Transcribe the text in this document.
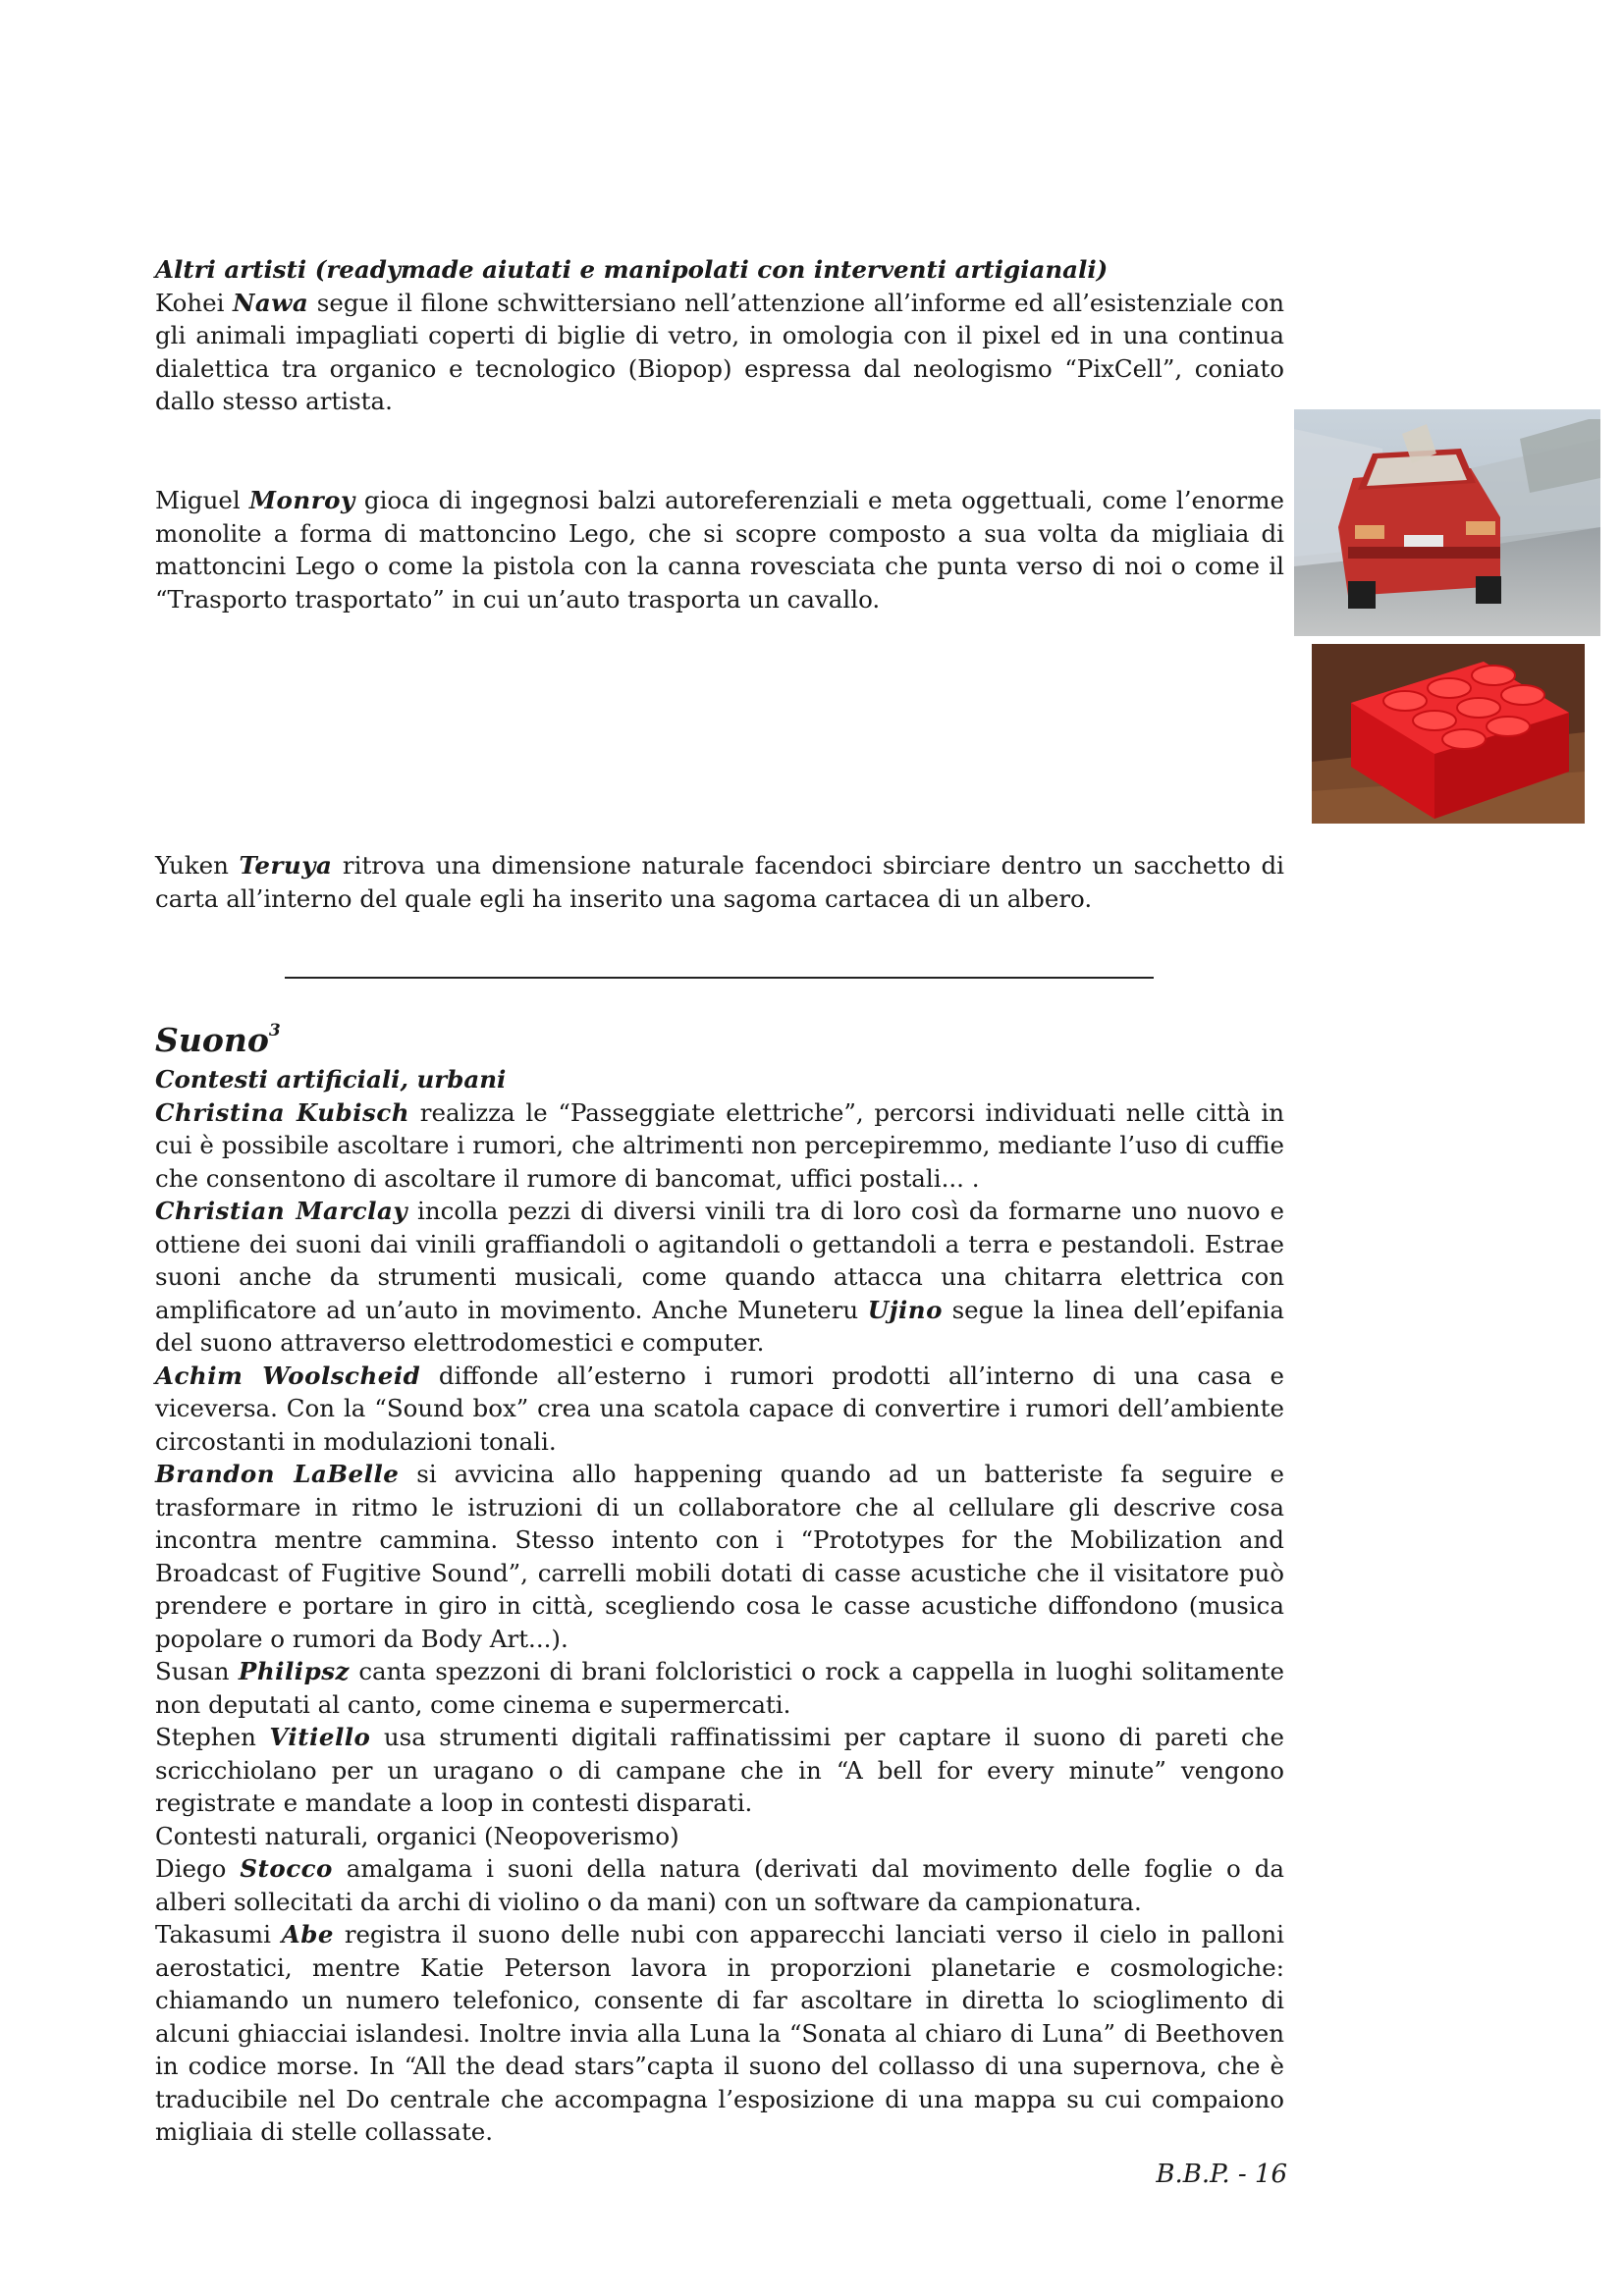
Altri artisti (readymade aiutati e manipolati con interventi artigianali)

Kohei Nawa segue il filone schwittersiano nell’attenzione all’informe ed all’esistenziale con gli animali impagliati coperti di biglie di vetro, in omologia con il pixel ed in una continua dialettica tra organico e tecnologico (Biopop) espressa dal neologismo “PixCell”, coniato dallo stesso artista.

Miguel Monroy gioca di ingegnosi balzi autoreferenziali e meta oggettuali, come l’enorme monolite a forma di mattoncino Lego, che si scopre composto a sua volta da migliaia di mattoncini Lego o come la pistola con la canna rovesciata che punta verso di noi o come il “Trasporto trasportato” in cui un’auto trasporta un cavallo.

Yuken Teruya ritrova una dimensione naturale facendoci sbirciare dentro un sacchetto di carta all’interno del quale egli ha inserito una sagoma cartacea di un albero.

Suono$^3$

Contesti artificiali, urbani

Christina Kubisch realizza le “Passeggiate elettriche”, percorsi individuati nelle città in cui è possibile ascoltare i rumori, che altrimenti non percepiremmo, mediante l’uso di cuffie che consentono di ascoltare il rumore di bancomat, uffici postali... .

Christian Marclay incolla pezzi di diversi vinili tra di loro così da formarne uno nuovo e ottiene dei suoni dai vinili graffiandoli o agitandoli o gettandoli a terra e pestandoli. Estrae suoni anche da strumenti musicali, come quando attacca una chitarra elettrica con amplificatore ad un’auto in movimento. Anche Muneteru Ujino segue la linea dell’epifania del suono attraverso elettrodomestici e computer.

Achim Woolscheid diffonde all’esterno i rumori prodotti all’interno di una casa e viceversa. Con la “Sound box” crea una scatola capace di convertire i rumori dell’ambiente circostanti in modulazioni tonali.

Brandon LaBelle si avvicina allo happening quando ad un batteriste fa seguire e trasformare in ritmo le istruzioni di un collaboratore che al cellulare gli descrive cosa incontra mentre cammina. Stesso intento con i “Prototypes for the Mobilization and Broadcast of Fugitive Sound”, carrelli mobili dotati di casse acustiche che il visitatore può prendere e portare in giro in città, scegliendo cosa le casse acustiche diffondono (musica popolare o rumori da Body Art...).

Susan Philipsz canta spezzoni di brani folcloristici o rock a cappella in luoghi solitamente non deputati al canto, come cinema e supermercati.

Stephen Vitiello usa strumenti digitali raffinatissimi per captare il suono di pareti che scricchiolano per un uragano o di campane che in “A bell for every minute” vengono registrate e mandate a loop in contesti disparati.

Contesti naturali, organici (Neopoverismo)

Diego Stocco amalgama i suoni della natura (derivati dal movimento delle foglie o da alberi sollecitati da archi di violino o da mani) con un software da campionatura.

Takasumi Abe registra il suono delle nubi con apparecchi lanciati verso il cielo in palloni aerostatici, mentre Katie Peterson lavora in proporzioni planetarie e cosmologiche: chiamando un numero telefonico, consente di far ascoltare in diretta lo scioglimento di alcuni ghiacciai islandesi. Inoltre invia alla Luna la “Sonata al chiaro di Luna” di Beethoven in codice morse. In “All the dead stars”capta il suono del collasso di una supernova, che è traducibile nel Do centrale che accompagna l’esposizione di una mappa su cui compaiono migliaia di stelle collassate.

B.B.P. - 16
